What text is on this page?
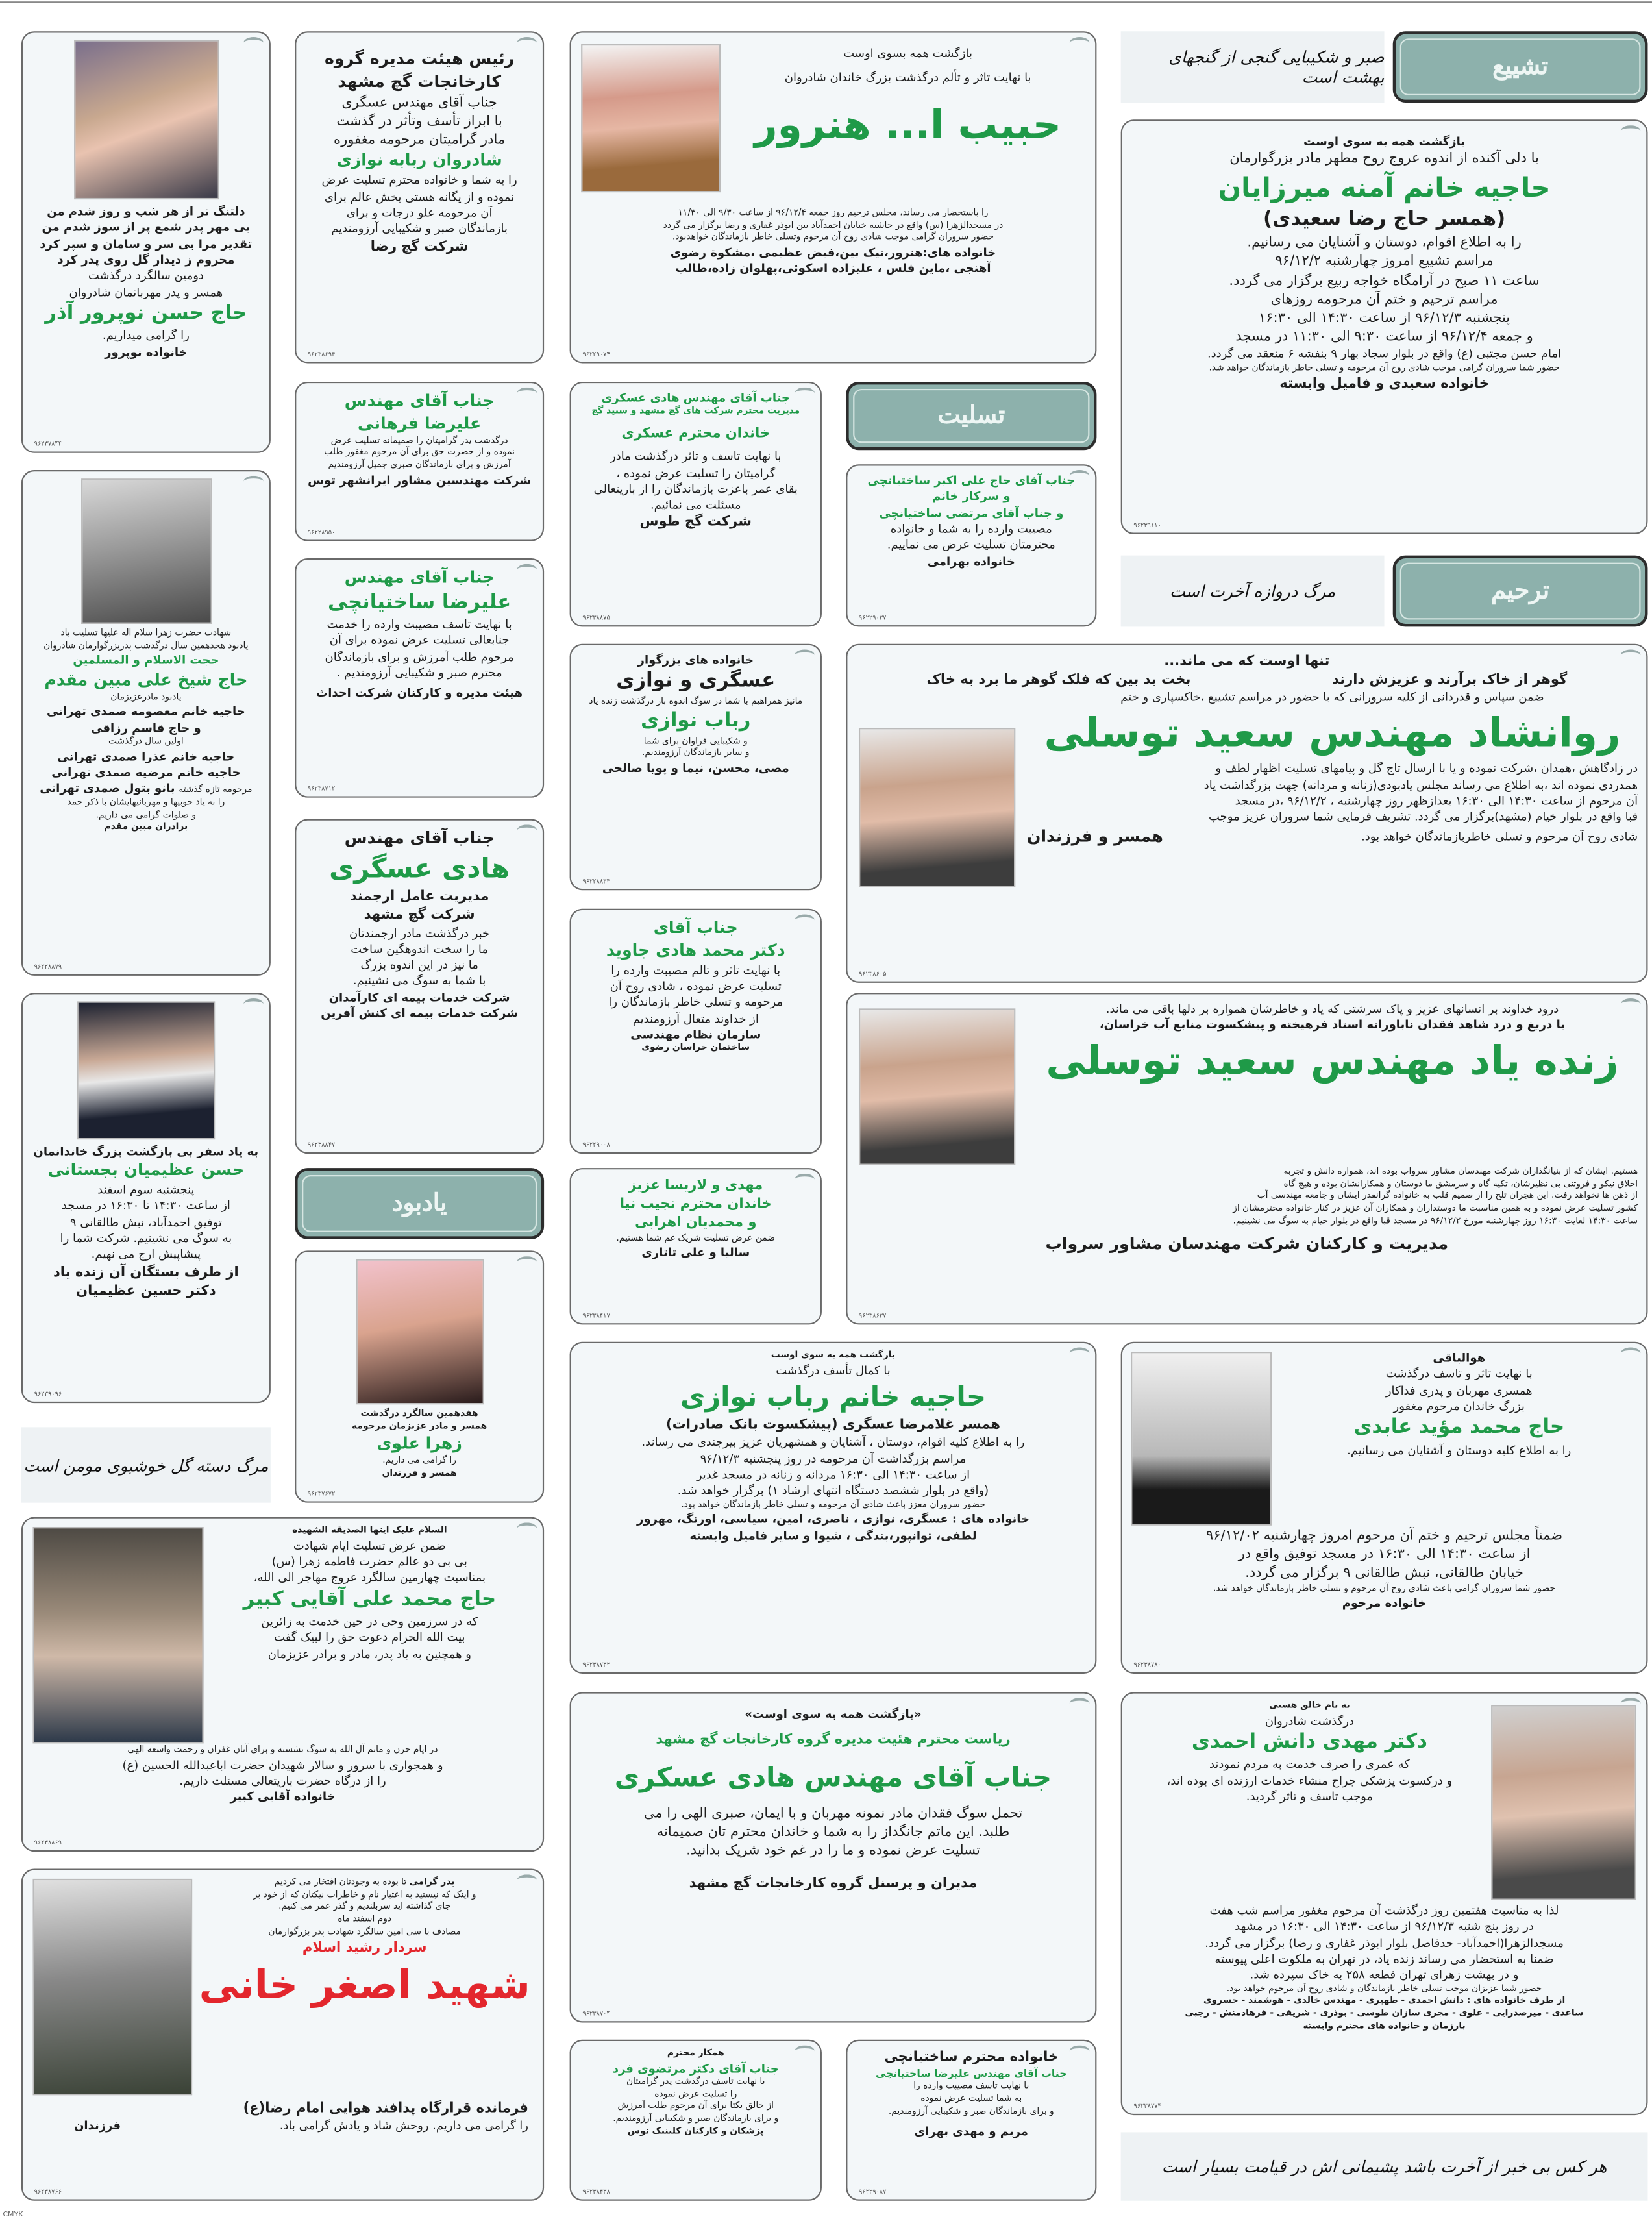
تشییع
صبر و شکیبایی گنجی از گنجهای بهشت است
ترحیم
مرگ دروازه آخرت است
تسلیت
یادبود
مرگ دسته گل خوشبوی مومن است
هر کس بی خبر از آخرت باشد پشیمانی اش در قیامت بسیار است

دلتنگ تر از هر شب و روز شدم من

بی مهر پدر شمع پر از سوز شدم من

تقدیر مرا بی سر و سامان و سپر کرد

محروم ز دیدار گل روی پدر کرد

دومین سالگرد درگذشت

همسر و پدر مهربانمان شادروان

حاج حسن نوپرور آذر

را گرامی میداریم.

خانواده نوپرور

۹۶۲۳۷۸۴۴

رئیس هیئت مدیره گروه

کارخانجات گچ مشهد

جناب آقای مهندس عسگری

با ابراز تأسف وتأثر در گذشت

مادر گرامیتان مرحومه مغفوره

شادروان ربابه نوازی

را به شما و خانواده محترم تسلیت عرض

نموده و از یگانه هستی بخش عالم برای

آن مرحومه علو درجات و برای

بازماندگان صبر و شکیبایی آرزومندیم

شرکت گچ رضا

۹۶۲۳۸۶۹۴

جناب آقای مهندس

علیرضا فرهانی

درگذشت پدر گرامیتان را صمیمانه تسلیت عرض

نموده و از حضرت حق برای آن مرحوم مغفور طلب

آمرزش و برای بازماندگان صبری جمیل آرزومندیم

شرکت مهندسین مشاور ایرانشهر توس

۹۶۲۲۸۹۵۰

جناب آقای مهندس

علیرضا ساختیانچی

با نهایت تاسف مصیبت وارده را خدمت

جنابعالی تسلیت عرض نموده برای آن

مرحوم طلب آمرزش و برای بازماندگان

محترم صبر و شکیبایی آرزومندیم .

هیئت مدیره و کارکنان شرکت احداث

۹۶۲۳۸۷۱۲

جناب آقای مهندس

هادی عسگری

مدیریت عامل ارجمند

شرکت گچ مشهد

خبر درگذشت مادر ارجمندتان

ما را سخت اندوهگین ساخت

ما نیز در این اندوه بزرگ

با شما به سوگ می نشینیم.

شرکت خدمات بیمه ای کارآمدان

شرکت خدمات بیمه ای کنش آفرین

۹۶۲۳۸۸۴۷

هفدهمین سالگرد درگذشت

همسر و مادر عزیزمان مرحومه

زهرا علوی

را گرامی می داریم.

همسر و فرزندان

۹۶۲۳۷۶۷۲

شهادت حضرت زهرا سلام اله علیها تسلیت باد

یادبود هجدهمین سال درگذشت پدربزرگوارمان شادروان

حجت الاسلام و المسلمین

حاج شیخ علی مبین مقدم

یادبود مادرعزیزمان

حاجیه خانم معصومه صمدی تهرانی

و حاج قاسم رزاقی

اولین سال درگذشت

حاجیه خانم عذرا صمدی تهرانی

حاجیه خانم مرضیه صمدی تهرانی

مرحومه تازه گذشته بانو بتول صمدی تهرانی

را به یاد خوبیها و مهربانیهایشان با ذکر حمد

و صلوات گرامی می داریم.

برادران مبین مقدم

۹۶۲۲۸۸۷۹

به یاد سفر بی بازگشت بزرگ خاندانمان

حسن عظیمیان بجستانی

پنجشنبه سوم اسفند

از ساعت ۱۴:۳۰ تا ۱۶:۳۰ در مسجد

توفیق احمدآباد، نبش طالقانی ۹

به سوگ می نشینیم. شرکت شما را

پیشاپیش ارج می نهیم.

از طرف بستگان آن زنده یاد

دکتر حسین عظیمیان

۹۶۲۳۹۰۹۶

بازگشت همه بسوی اوست

با نهایت تاثر و تألم درگذشت بزرگ خاندان شادروان

حبیب ا... هنرور

را باستحضار می رساند، مجلس ترحیم روز جمعه ۹۶/۱۲/۴ از ساعت ۹/۳۰ الی ۱۱/۳۰

در مسجدالزهرا (س) واقع در حاشیه خیابان احمدآباد بین ابوذر غفاری و رضا برگزار می گردد

حضور سروران گرامی موجب شادی روح آن مرحوم وتسلی خاطر بازماندگان خواهدبود.

خانواده های:هنرور،نیک بین،فیض عظیمی ،مشکوة رضوی

آهنجی ،ماین فلس ، علیزاده اسکوئی،پهلوان زاده،طالب

۹۶۲۲۹۰۷۴

جناب آقای مهندس هادی عسکری

مدیریت محترم شرکت های گچ مشهد و سپید گچ

خاندان محترم عسکری

با نهایت تاسف و تاثر درگذشت مادر

گرامیتان را تسلیت عرض نموده ،

بقای عمر باعزت بازماندگان را از باریتعالی

مسئلت می نمائیم.

شرکت گچ طوس

۹۶۲۳۸۸۷۵

جناب آقای حاج علی اکبر ساختیانچی

و سرکار خانم

و جناب آقای مرتضی ساختیانچی

مصیبت وارده را به شما و خانواده

محترمتان تسلیت عرض می نماییم.

خانواده بهرامی

۹۶۲۲۹۰۳۷

بازگشت همه به سوی اوست

با دلی آکنده از اندوه عروج روح مطهر مادر بزرگوارمان

حاجیه خانم آمنه میرزایان

(همسر حاج رضا سعیدی)

را به اطلاع اقوام، دوستان و آشنایان می رسانیم.

مراسم تشییع امروز چهارشنبه ۹۶/۱۲/۲

ساعت ۱۱ صبح در آرامگاه خواجه ربیع برگزار می گردد.

مراسم ترحیم و ختم آن مرحومه روزهای

پنجشنبه ۹۶/۱۲/۳ از ساعت ۱۴:۳۰ الی ۱۶:۳۰

و جمعه ۹۶/۱۲/۴ از ساعت ۹:۳۰ الی ۱۱:۳۰ در مسجد

امام حسن مجتبی (ع) واقع در بلوار سجاد بهار ۹ بنفشه ۶ منعقد می گردد.

حضور شما سروران گرامی موجب شادی روح آن مرحومه و تسلی خاطر بازماندگان خواهد شد.

خانواده سعیدی و فامیل وابسته

۹۶۲۳۹۱۱۰

خانواده های بزرگوار

عسگری و نوازی

مانیز همراهیم با شما در سوگ اندوه بار درگذشت زنده یاد

رباب نوازی

و شکیبایی فراوان برای شما

و سایر بازماندگان آرزومندیم.

مصی، محسن، نیما و پویا صالحی

۹۶۲۲۸۸۳۳

جناب آقای

دکتر محمد هادی جاوید

با نهایت تاثر و تالم مصیبت وارده را

تسلیت عرض نموده ، شادی روح آن

مرحومه و تسلی خاطر بازماندگان را

از خداوند متعال آرزومندیم

سازمان نظام مهندسی

ساختمان خراسان رضوی

۹۶۲۲۹۰۰۸

مهدی و لاریسا عزیز

خاندان محترم نجیب نیا

و محمدیان اهرابی

ضمن عرض تسلیت شریک غم شما هستیم.

سالیا و علی تاتاری

۹۶۲۳۸۴۱۷

تنها اوست که می ماند...

گوهر از خاک برآرند و عزیزش دارند
بخت بد بین که فلک گوهر ما برد به خاک

ضمن سپاس و قدردانی از کلیه سرورانی که با حضور در مراسم تشییع ،خاکسپاری و ختم

روانشاد مهندس سعید توسلی

در زادگاهش ،همدان ،شرکت نموده و یا با ارسال تاج گل و پیامهای تسلیت اظهار لطف و

همدردی نموده اند ،به اطلاع می رساند مجلس یادبودی(زنانه و مردانه) جهت بزرگداشت یاد

آن مرحوم از ساعت ۱۴:۳۰ الی ۱۶:۳۰ بعدازظهر روز چهارشنبه ، ۹۶/۱۲/۲ ،در مسجد

قبا واقع در بلوار خیام (مشهد)برگزار می گردد. تشریف فرمایی شما سروران عزیز موجب

شادی روح آن مرحوم و تسلی خاطربازماندگان خواهد بود.

همسر و فرزندان

۹۶۲۳۸۶۰۵

درود خداوند بر انسانهای عزیز و پاک سرشتی که یاد و خاطرشان همواره بر دلها باقی می ماند.

با دریغ و درد شاهد فقدان ناباورانه استاد فرهیخته و پیشکسوت منابع آب خراسان،

زنده یاد مهندس سعید توسلی

هستیم. ایشان که از بنیانگذاران شرکت مهندسان مشاور سرواب بوده اند، همواره دانش و تجربه

اخلاق نیکو و فروتنی بی نظیرشان، تکیه گاه و سرمشق ما دوستان و همکارانشان بوده و هیچ گاه

از ذهن ها نخواهد رفت. این هجران تلخ را از صمیم قلب به خانواده گرانقدر ایشان و جامعه مهندسی آب

کشور تسلیت عرض نموده و به همین مناسبت ما دوستداران و همکاران آن عزیز در کنار خانواده محترمشان از

ساعت ۱۴:۳۰ لغایت ۱۶:۳۰ روز چهارشنبه مورخ ۹۶/۱۲/۲ در مسجد قبا واقع در بلوار خیام به سوگ می نشینیم.

مدیریت و کارکنان شرکت مهندسان مشاور سرواب

۹۶۲۳۸۶۳۷

بازگشت همه به سوی اوست

با کمال تأسف درگذشت

حاجیه خانم رباب نوازی

همسر غلامرضا عسگری (پیشکسوت بانک صادرات)

را به اطلاع کلیه اقوام، دوستان ، آشنایان و همشهریان عزیز بیرجندی می رساند.

مراسم بزرگداشت آن مرحومه در روز پنجشنبه ۹۶/۱۲/۳

از ساعت ۱۴:۳۰ الی ۱۶:۳۰ مردانه و زنانه در مسجد غدیر

(واقع در بلوار ششصد دستگاه انتهای ارشاد ۱) برگزار خواهد شد.

حضور سروران معزز باعث شادی آن مرحومه و تسلی خاطر بازماندگان خواهد بود.

خانواده های : عسگری، نوازی ، ناصری، امین، سیاسی، اورنگ، مهرور

لطفی، توانپور،بندگی ، شیوا و سایر فامیل وابسته

۹۶۲۳۸۷۳۲

هوالباقی

با نهایت تاثر و تاسف درگذشت

همسری مهربان و پدری فداکار

بزرگ خاندان مرحوم مغفور

حاج محمد مؤید عابدی

را به اطلاع کلیه دوستان و آشنایان می رسانیم.

ضمناً مجلس ترحیم و ختم آن مرحوم امروز چهارشنبه ۹۶/۱۲/۰۲

از ساعت ۱۴:۳۰ الی ۱۶:۳۰ در مسجد توفیق واقع در

خیابان طالقانی، نبش طالقانی ۹ برگزار می گردد.

حضور شما سروران گرامی باعث شادی روح آن مرحوم و تسلی خاطر بازماندگان خواهد شد.

خانواده مرحوم

۹۶۲۳۸۷۸۰

السلام علیک ایتها الصدیقه الشهیده

ضمن عرض تسلیت ایام شهادت

بی بی دو عالم حضرت فاطمه زهرا (س)

بمناسبت چهارمین سالگرد عروج مهاجر الی الله،

حاج محمد علی آقایی کبیر

که در سرزمین وحی در حین خدمت به زائرین

بیت الله الحرام دعوت حق را لبیک گفت

و همچنین به یاد پدر، مادر و برادر عزیزمان

در ایام حزن و ماتم آل الله به سوگ نشسته و برای آنان غفران و رحمت واسعه الهی

و همجواری با سرور و سالار شهیدان حضرت اباعبدالله الحسین (ع)

را از درگاه حضرت باریتعالی مسئلت داریم.

خانواده آقایی کبیر

۹۶۲۳۸۸۶۹

«بازگشت همه به سوی اوست»

ریاست محترم هئیت مدیره گروه کارخانجات گچ مشهد

جناب آقای مهندس هادی عسکری

تحمل سوگ فقدان مادر نمونه مهربان و با ایمان، صبری الهی را می

طلبد. این ماتم جانگداز را به شما و خاندان محترم تان صمیمانه

تسلیت عرض نموده و ما را در غم خود شریک بدانید.

مدیران و پرسنل گروه کارخانجات گچ مشهد

۹۶۲۳۸۷۰۴

به نام خالق هستی

درگذشت شادروان

دکتر مهدی دانش احمدی

که عمری را صرف خدمت به مردم نمودند

و درکسوت پزشکی جراح منشاء خدمات ارزنده ای بوده اند،

موجب تاسف و تاثر گردید.

لذا به مناسبت هفتمین روز درگذشت آن مرحوم مغفور مراسم شب هفت

در روز پنج شنبه ۹۶/۱۲/۳ از ساعت ۱۴:۳۰ الی ۱۶:۳۰ در مشهد

مسجدالزهرا(احمدآباد- حدفاصل بلوار ابوذر غفاری و رضا) برگزار می گردد.

ضمنا به استحضار می رساند زنده یاد، در تهران به ملکوت اعلی پیوسته

و در بهشت زهرای تهران قطعه ۲۵۸ به خاک سپرده شد.

حضور شما عزیزان موجب تسلی خاطر بازماندگان و شادی روح آن مرحوم خواهد بود.

از طرف خانواده های : دانش احمدی - ظهیری - مهندس خالدی - هوشمند - خسروی

ساعدی - میرصدرایی - علوی - مجری سازان طوسی - بوذری - شریفی - فرهادمنش - رجبی

بارزمان و خانواده های محترم وابسته

۹۶۲۳۸۷۷۴

پدر گرامی تا بوده به وجودتان افتخار می کردیم

و اینک که نیستید به اعتبار نام و خاطرات نیکتان که از خود بر

جای گذاشته اید سربلندیم و گذر عمر می کنیم.

دوم اسفند ماه

مصادف با سی امین سالگرد شهادت پدر بزرگوارمان

سردار رشید اسلام

شهید اصغر خانی

فرمانده قرارگاه پدافند هوایی امام رضا(ع)

را گرامی می داریم. روحش شاد و یادش گرامی باد.

فرزندان

۹۶۲۳۸۷۶۶

همکار محترم

جناب آقای دکتر مرتضوی فرد

با نهایت تاسف درگذشت پدر گرامیتان

را تسلیت عرض نموده

از خالق یکتا برای آن مرحوم طلب آمرزش

و برای بازماندگان صبر و شکیبایی آرزومندیم.

پزشکان و کارکنان کلینیک نوس

۹۶۲۳۸۴۳۸

خانواده محترم ساختیانچی

جناب آقای مهندس علیرضا ساختیانچی

با نهایت تاسف مصیبت وارده را

به شما تسلیت عرض نموده

و برای بازماندگان صبر و شکیبایی آرزومندیم.

مریم و مهدی بهرای

۹۶۲۲۹۰۸۷
CMYK
